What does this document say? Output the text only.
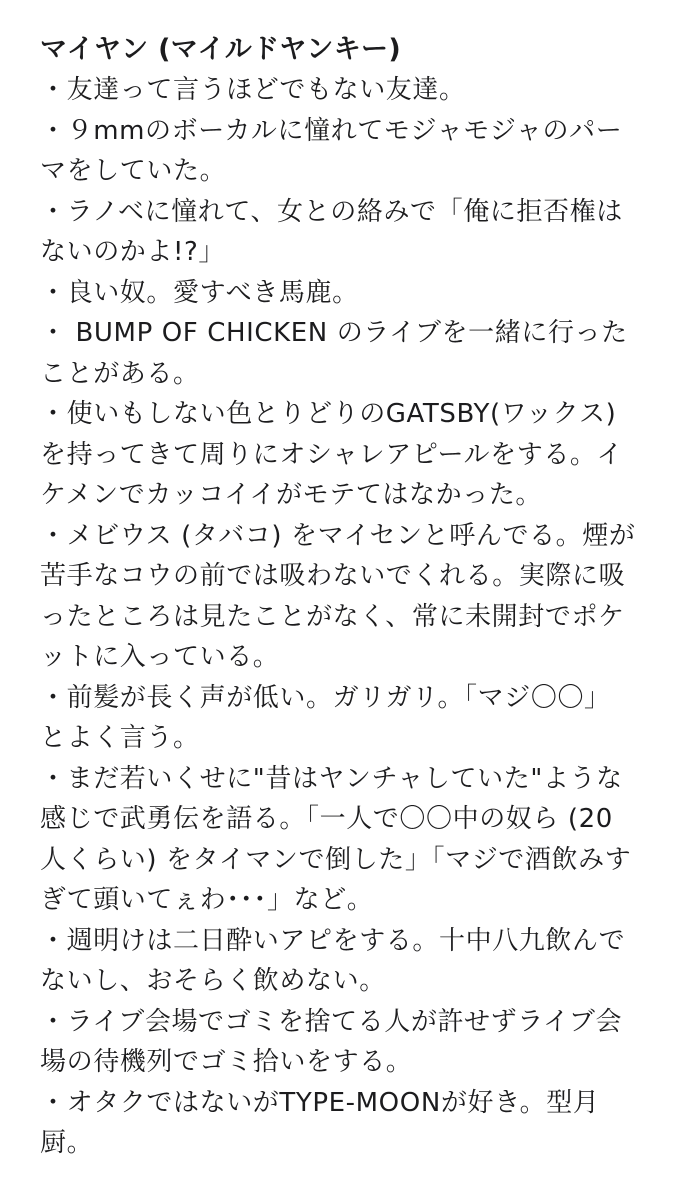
マイヤン (マイルドヤンキー)
・友達って言うほどでもない友達。
・９mmのボーカルに憧れてモジャモジャのパー
マをしていた。
・ラノベに憧れて、女との絡みで「俺に拒否権は
ないのかよ!?」
・良い奴。愛すべき馬鹿。
・ BUMP OF CHICKEN のライブを一緒に行った
ことがある。
・使いもしない色とりどりのGATSBY(ワックス)
を持ってきて周りにオシャレアピールをする。イ
ケメンでカッコイイがモテてはなかった。
・メビウス (タバコ) をマイセンと呼んでる。煙が
苦手なコウの前では吸わないでくれる。実際に吸
ったところは見たことがなく、常に未開封でポケ
ットに入っている。
・前髪が長く声が低い。ガリガリ。「マジ〇〇」
とよく言う。
・まだ若いくせに"昔はヤンチャしていた"ような
感じで武勇伝を語る。「一人で〇〇中の奴ら (20
人くらい) をタイマンで倒した」「マジで酒飲みす
ぎて頭いてぇわ･･･」など。
・週明けは二日酔いアピをする。十中八九飲んで
ないし、おそらく飲めない。
・ライブ会場でゴミを捨てる人が許せずライブ会
場の待機列でゴミ拾いをする。
・オタクではないがTYPE-MOONが好き。型月
厨。
